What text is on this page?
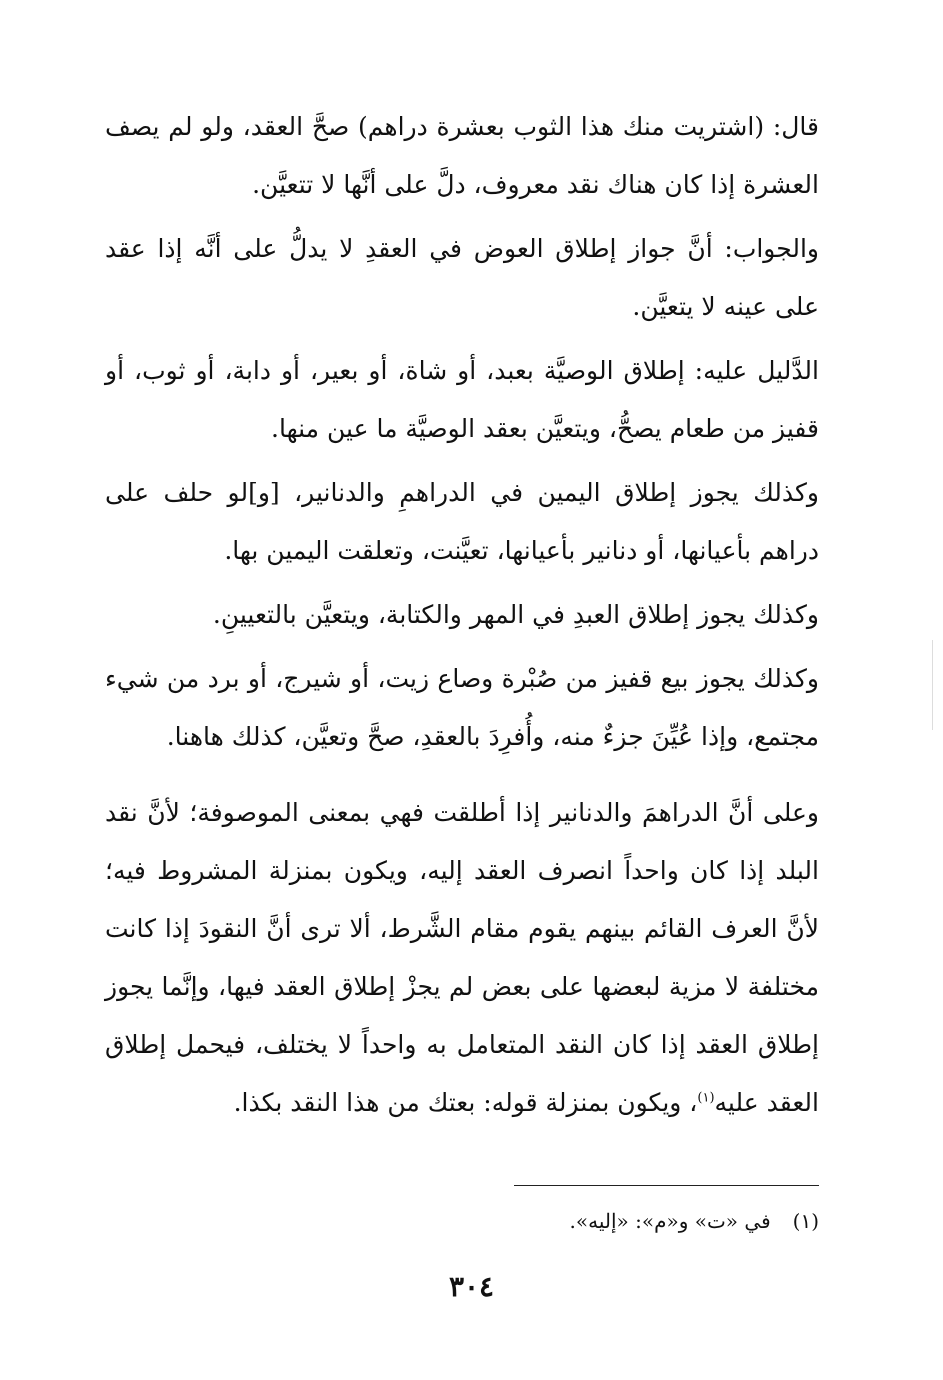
قال: (اشتريت منك هذا الثوب بعشرة دراهم) صحَّ العقد، ولو لم يصف العشرة إذا كان هناك نقد معروف، دلَّ على أنَّها لا تتعيَّن.

والجواب: أنَّ جواز إطلاق العوض في العقدِ لا يدلُّ على أنَّه إذا عقد على عينه لا يتعيَّن.

الدَّليل عليه: إطلاق الوصيَّة بعبد، أو شاة، أو بعير، أو دابة، أو ثوب، أو قفيز من طعام يصحُّ، ويتعيَّن بعقد الوصيَّة ما عين منها.

وكذلك يجوز إطلاق اليمين في الدراهمِ والدنانير، [و]لو حلف على دراهم بأعيانها، أو دنانير بأعيانها، تعيَّنت، وتعلقت اليمين بها.

وكذلك يجوز إطلاق العبدِ في المهر والكتابة، ويتعيَّن بالتعيينِ.

وكذلك يجوز بيع قفيز من صُبْرة وصاع زيت، أو شيرج، أو برد من شيء مجتمع، وإذا عُيِّنَ جزءٌ منه، وأُفرِدَ بالعقدِ، صحَّ وتعيَّن، كذلك هاهنا.

وعلى أنَّ الدراهمَ والدنانير إذا أطلقت فهي بمعنى الموصوفة؛ لأنَّ نقد البلد إذا كان واحداً انصرف العقد إليه، ويكون بمنزلة المشروط فيه؛ لأنَّ العرف القائم بينهم يقوم مقام الشَّرط، ألا ترى أنَّ النقودَ إذا كانت مختلفة لا مزية لبعضها على بعض لم يجزْ إطلاق العقد فيها، وإنَّما يجوز إطلاق العقد إذا كان النقد المتعامل به واحداً لا يختلف، فيحمل إطلاق العقد عليه$^{(١)}$، ويكون بمنزلة قوله: بعتك من هذا النقد بكذا.

(١)في «ت» و«م»: «إليه».
٣٠٤
